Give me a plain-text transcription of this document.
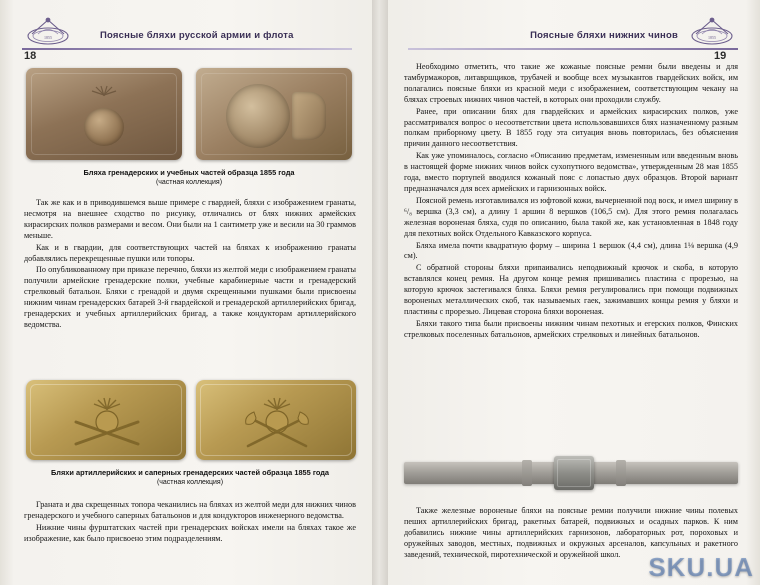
1855	1855
Поясные бляхи русской армии и флота
18
Поясные бляхи нижних чинов
19
Бляха гренадерских и учебных частей образца 1855 года
(частная коллекция)

Так же как и в приводившемся выше примере с гвардией, бляхи с изображением гранаты, несмотря на внешнее сходство по рисунку, отличались от блях нижних армейских кирасирских полков размерами и весом. Они были на 1 сантиметр уже и весили на 30 граммов меньше.

Как и в гвардии, для соответствующих частей на бляхах к изображению гранаты добавлялись перекрещенные пушки или топоры.

По опубликованному при приказе перечню, бляхи из желтой меди с изображением гранаты получили армейские гренадерские полки, учебные карабинерные части и гренадерский стрелковый батальон. Бляхи с гренадой и двумя скрещенными пушками были присвоены нижним чинам гренадерских батарей 3-й гвардейской и гренадерской артиллерийских бригад, гренадерских и учебных артиллерийских бригад, а также кондукторам артиллерийского ведомства.

Бляхи артиллерийских и саперных гренадерских частей образца 1855 года
(частная коллекция)

Граната и два скрещенных топора чеканились на бляхах из желтой меди для нижних чинов гренадерского и учебного саперных батальонов и для кондукторов инженерного ведомства.

Нижние чины фурштатских частей при гренадерских войсках имели на бляхах такое же изображение, как было присвоено этим подразделениям.

Необходимо отметить, что такие же кожаные поясные ремни были введены и для тамбурмажоров, литавршциков, трубачей и вообще всех музыкантов гвардейских войск, им полагались поясные бляхи из красной меди с изображением, соответствующим чекану на бляхах строевых нижних чинов частей, в которых они проходили службу.

Ранее, при описании блях для гвардейских и армейских кирасирских полков, уже рассматривался вопрос о несоответствии цвета использовавшихся блях назначенному разным полкам приборному цвету. В 1855 году эта ситуация вновь повторилась, без объяснения причин данного несоответствия.

Как уже упоминалось, согласно «Описанию предметам, измененным или введенным вновь в настоящей форме нижних чинов войск сухопутного ведомства», утвержденным 28 мая 1855 года, вместо портупей вводился кожаный пояс с лопастью двух образцов. Второй вариант предназначался для всех армейских и гарнизонных войск.

Поясной ремень изготавливался из юфтовой кожи, вычерненной под воск, и имел ширину в ⁶/₈ вершка (3,3 см), а длину 1 аршин 8 вершков (106,5 см). Для этого ремня полагалась железная вороненая бляха, судя по описанию, была такой же, как установленная в 1848 году для пехотных войск Отдельного Кавказского корпуса.

Бляха имела почти квадратную форму – ширина 1 вершок (4,4 см), длина 1⅛ вершка (4,9 см).

С обратной стороны бляхи припаивались неподвижный крючок и скоба, в которую вставлялся конец ремня. На другом конце ремня пришивались пластина с прорезью, на которую крючок застегивался бляха. Бляхи ремня регулировались при помощи подвижных вороненых металлических скоб, так называемых гаек, зажимавших концы ремня у бляхи и пластины с прорезью. Лицевая сторона бляхи вороненая.

Бляхи такого типа были присвоены нижним чинам пехотных и егерских полков, Финских стрелковых поселенных батальонов, армейских стрелковых и линейных батальонов.

Также железные вороненые бляхи на поясные ремни получили нижние чины полевых пеших артиллерийских бригад, ракетных батарей, подвижных и осадных парков. К ним добавились нижние чины артиллерийских гарнизонов, лабораторных рот, пороховых и оружейных заводов, местных, подвижных и окружных арсеналов, капсульных и ракетного заведений, технической, пиротехнической и оружейной школ.	SKU.UA
